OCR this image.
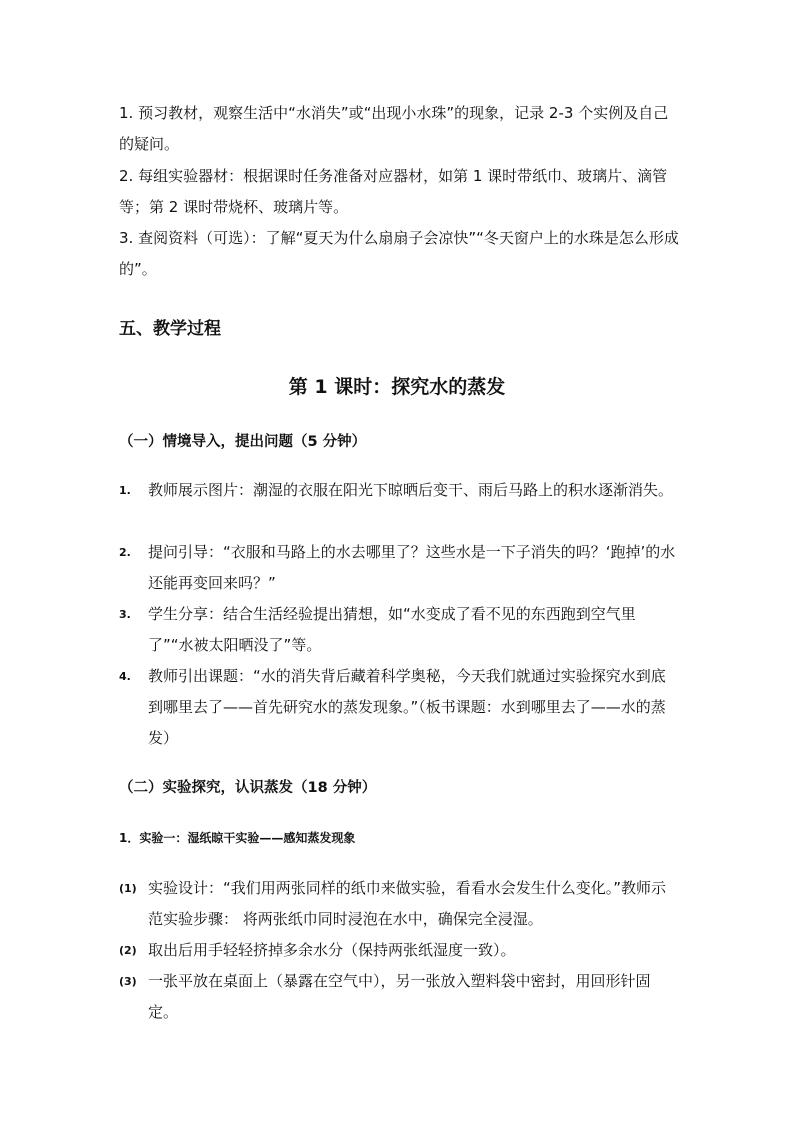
1. 预习教材，观察生活中“水消失”或“出现小水珠”的现象，记录 2-3 个实例及自己的疑问。

2. 每组实验器材：根据课时任务准备对应器材，如第 1 课时带纸巾、玻璃片、滴管等；第 2 课时带烧杯、玻璃片等。

3. 查阅资料（可选）：了解“夏天为什么扇扇子会凉快”“冬天窗户上的水珠是怎么形成的”。

五、教学过程
第 1 课时：探究水的蒸发
（一）情境导入，提出问题（5 分钟）
1.	教师展示图片：潮湿的衣服在阳光下晾晒后变干、雨后马路上的积水逐渐消失。
2.	提问引导：“衣服和马路上的水去哪里了？这些水是一下子消失的吗？‘跑掉’的水还能再变回来吗？”
3.	学生分享：结合生活经验提出猜想，如“水变成了看不见的东西跑到空气里了”“水被太阳晒没了”等。
4.	教师引出课题：“水的消失背后藏着科学奥秘，今天我们就通过实验探究水到底到哪里去了——首先研究水的蒸发现象。”（板书课题：水到哪里去了——水的蒸发）
（二）实验探究，认识蒸发（18 分钟）
1．实验一：湿纸晾干实验——感知蒸发现象
(1) 实验设计：“我们用两张同样的纸巾来做实验，看看水会发生什么变化。”教师示范实验步骤： 将两张纸巾同时浸泡在水中，确保完全浸湿。
(2) 取出后用手轻轻挤掉多余水分（保持两张纸湿度一致）。
(3) 一张平放在桌面上（暴露在空气中），另一张放入塑料袋中密封，用回形针固定。
